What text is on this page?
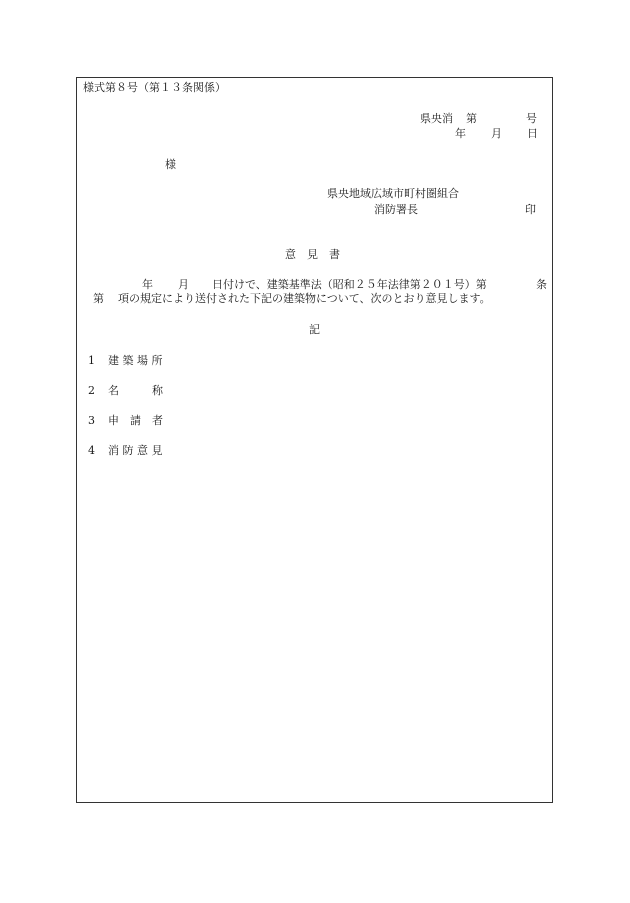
様式第８号（第１３条関係）
県央消 第	号
年 月 日
様
県央地域広域市町村圏組合
消防署長	印
意　見　書
年 月 日付けで、建築基準法（昭和２５年法律第２０１号）第	条
第 項の規定により送付された下記の建築物について、次のとおり意見します。
記
1 建 築 場 所
2 名　　　称
3 申　請　者
4 消 防 意 見
